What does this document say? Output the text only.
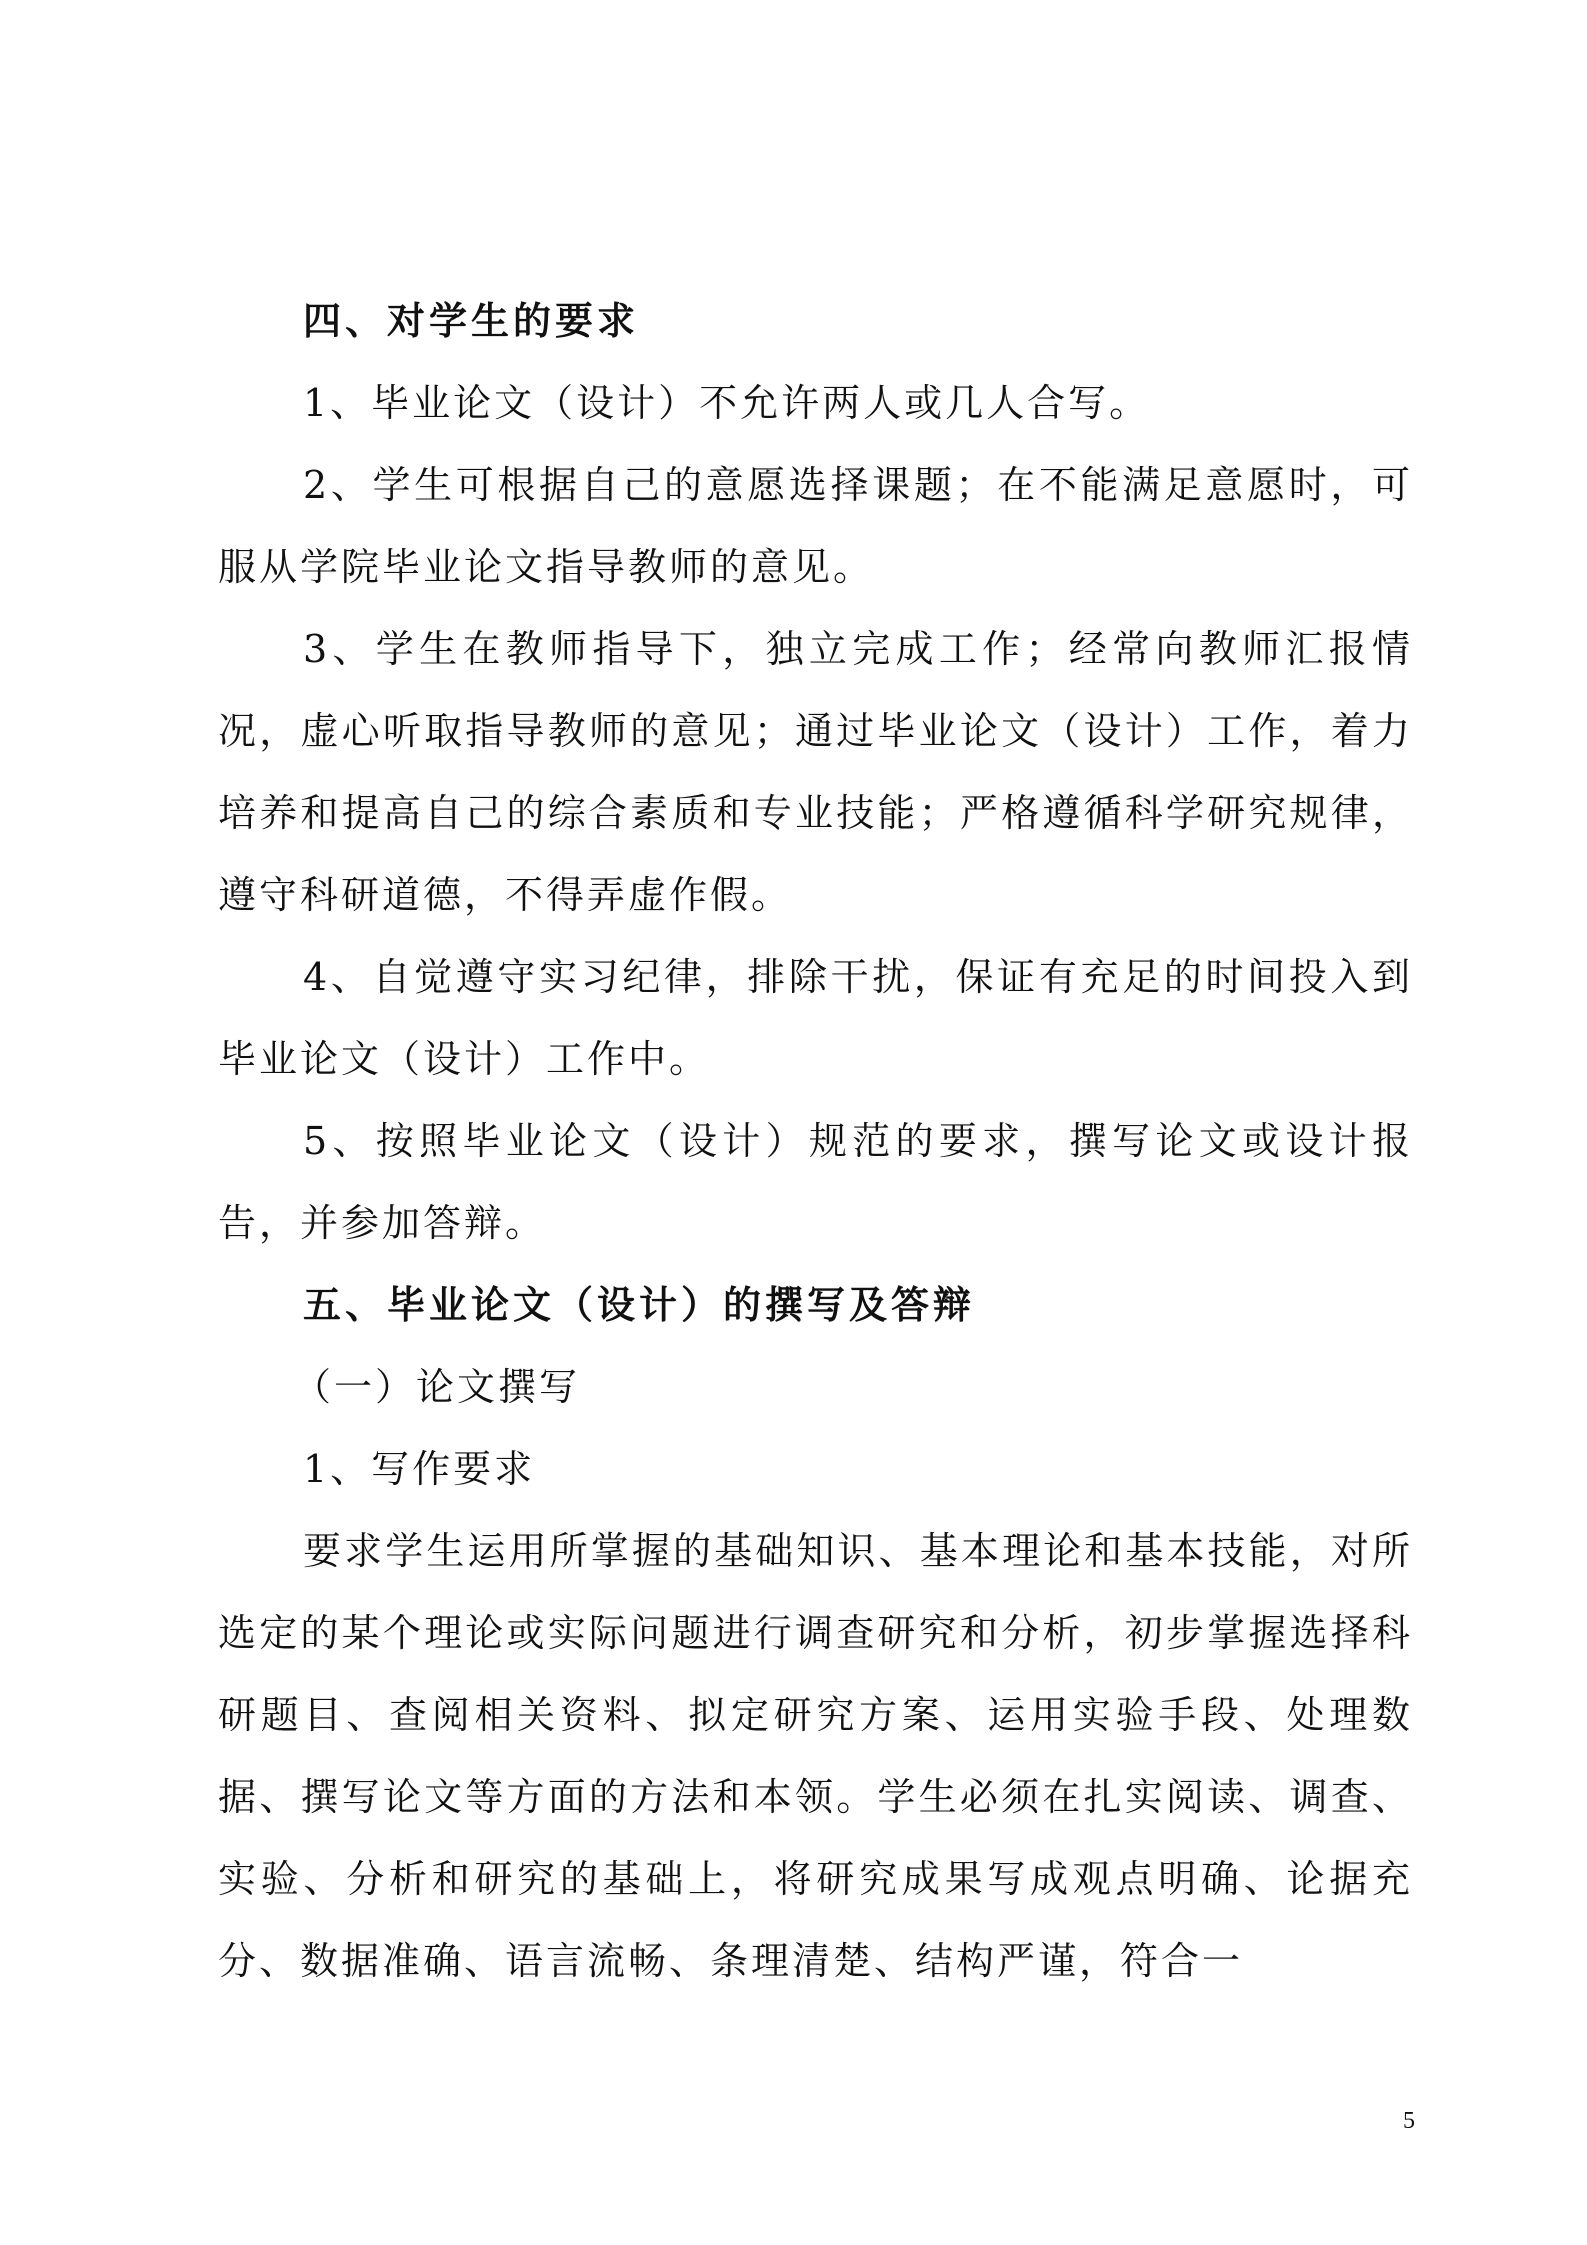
四、对学生的要求

1、毕业论文（设计）不允许两人或几人合写。

2、学生可根据自己的意愿选择课题；在不能满足意愿时，可服从学院毕业论文指导教师的意见。

3、学生在教师指导下，独立完成工作；经常向教师汇报情况，虚心听取指导教师的意见；通过毕业论文（设计）工作，着力培养和提高自己的综合素质和专业技能；严格遵循科学研究规律，遵守科研道德，不得弄虚作假。

4、自觉遵守实习纪律，排除干扰，保证有充足的时间投入到毕业论文（设计）工作中。

5、按照毕业论文（设计）规范的要求，撰写论文或设计报告，并参加答辩。

五、毕业论文（设计）的撰写及答辩

（一）论文撰写

1、写作要求

要求学生运用所掌握的基础知识、基本理论和基本技能，对所选定的某个理论或实际问题进行调查研究和分析，初步掌握选择科研题目、查阅相关资料、拟定研究方案、运用实验手段、处理数据、撰写论文等方面的方法和本领。学生必须在扎实阅读、调查、实验、分析和研究的基础上，将研究成果写成观点明确、论据充分、数据准确、语言流畅、条理清楚、结构严谨，符合一

5
